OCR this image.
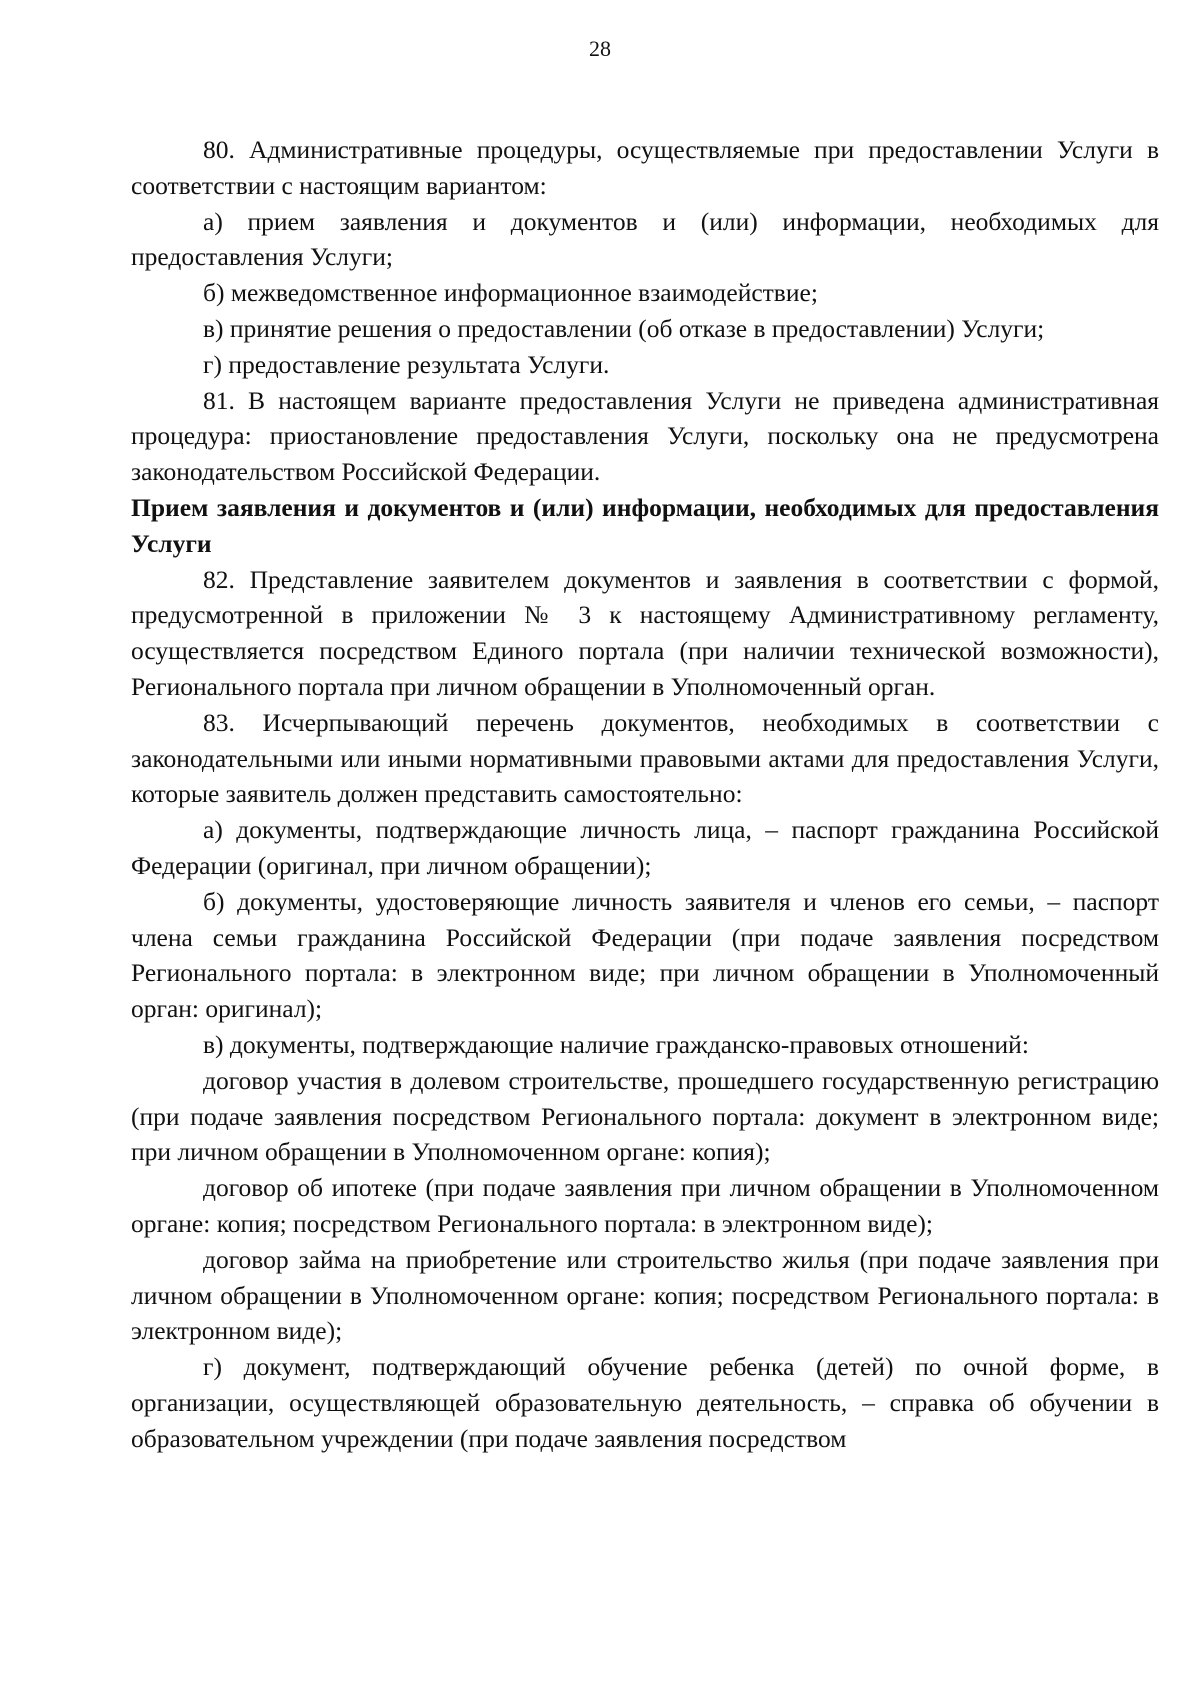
28

80. Административные процедуры, осуществляемые при предоставлении Услуги в соответствии с настоящим вариантом:

а) прием заявления и документов и (или) информации, необходимых для предоставления Услуги;

б) межведомственное информационное взаимодействие;

в) принятие решения о предоставлении (об отказе в предоставлении) Услуги;

г) предоставление результата Услуги.

81. В настоящем варианте предоставления Услуги не приведена административная процедура: приостановление предоставления Услуги, поскольку она не предусмотрена законодательством Российской Федерации.

Прием заявления и документов и (или) информации, необходимых для предоставления Услуги

82. Представление заявителем документов и заявления в соответствии с формой, предусмотренной в приложении № 3 к настоящему Административному регламенту, осуществляется посредством Единого портала (при наличии технической возможности), Регионального портала при личном обращении в Уполномоченный орган.

83. Исчерпывающий перечень документов, необходимых в соответствии с законодательными или иными нормативными правовыми актами для предоставления Услуги, которые заявитель должен представить самостоятельно:

а) документы, подтверждающие личность лица, – паспорт гражданина Российской Федерации (оригинал, при личном обращении);

б) документы, удостоверяющие личность заявителя и членов его семьи, – паспорт члена семьи гражданина Российской Федерации (при подаче заявления посредством Регионального портала: в электронном виде; при личном обращении в Уполномоченный орган: оригинал);

в) документы, подтверждающие наличие гражданско-правовых отношений:

договор участия в долевом строительстве, прошедшего государственную регистрацию (при подаче заявления посредством Регионального портала: документ в электронном виде; при личном обращении в Уполномоченном органе: копия);

договор об ипотеке (при подаче заявления при личном обращении в Уполномоченном органе: копия; посредством Регионального портала: в электронном виде);

договор займа на приобретение или строительство жилья (при подаче заявления при личном обращении в Уполномоченном органе: копия; посредством Регионального портала: в электронном виде);

г) документ, подтверждающий обучение ребенка (детей) по очной форме, в организации, осуществляющей образовательную деятельность, – справка об обучении в образовательном учреждении (при подаче заявления посредством
